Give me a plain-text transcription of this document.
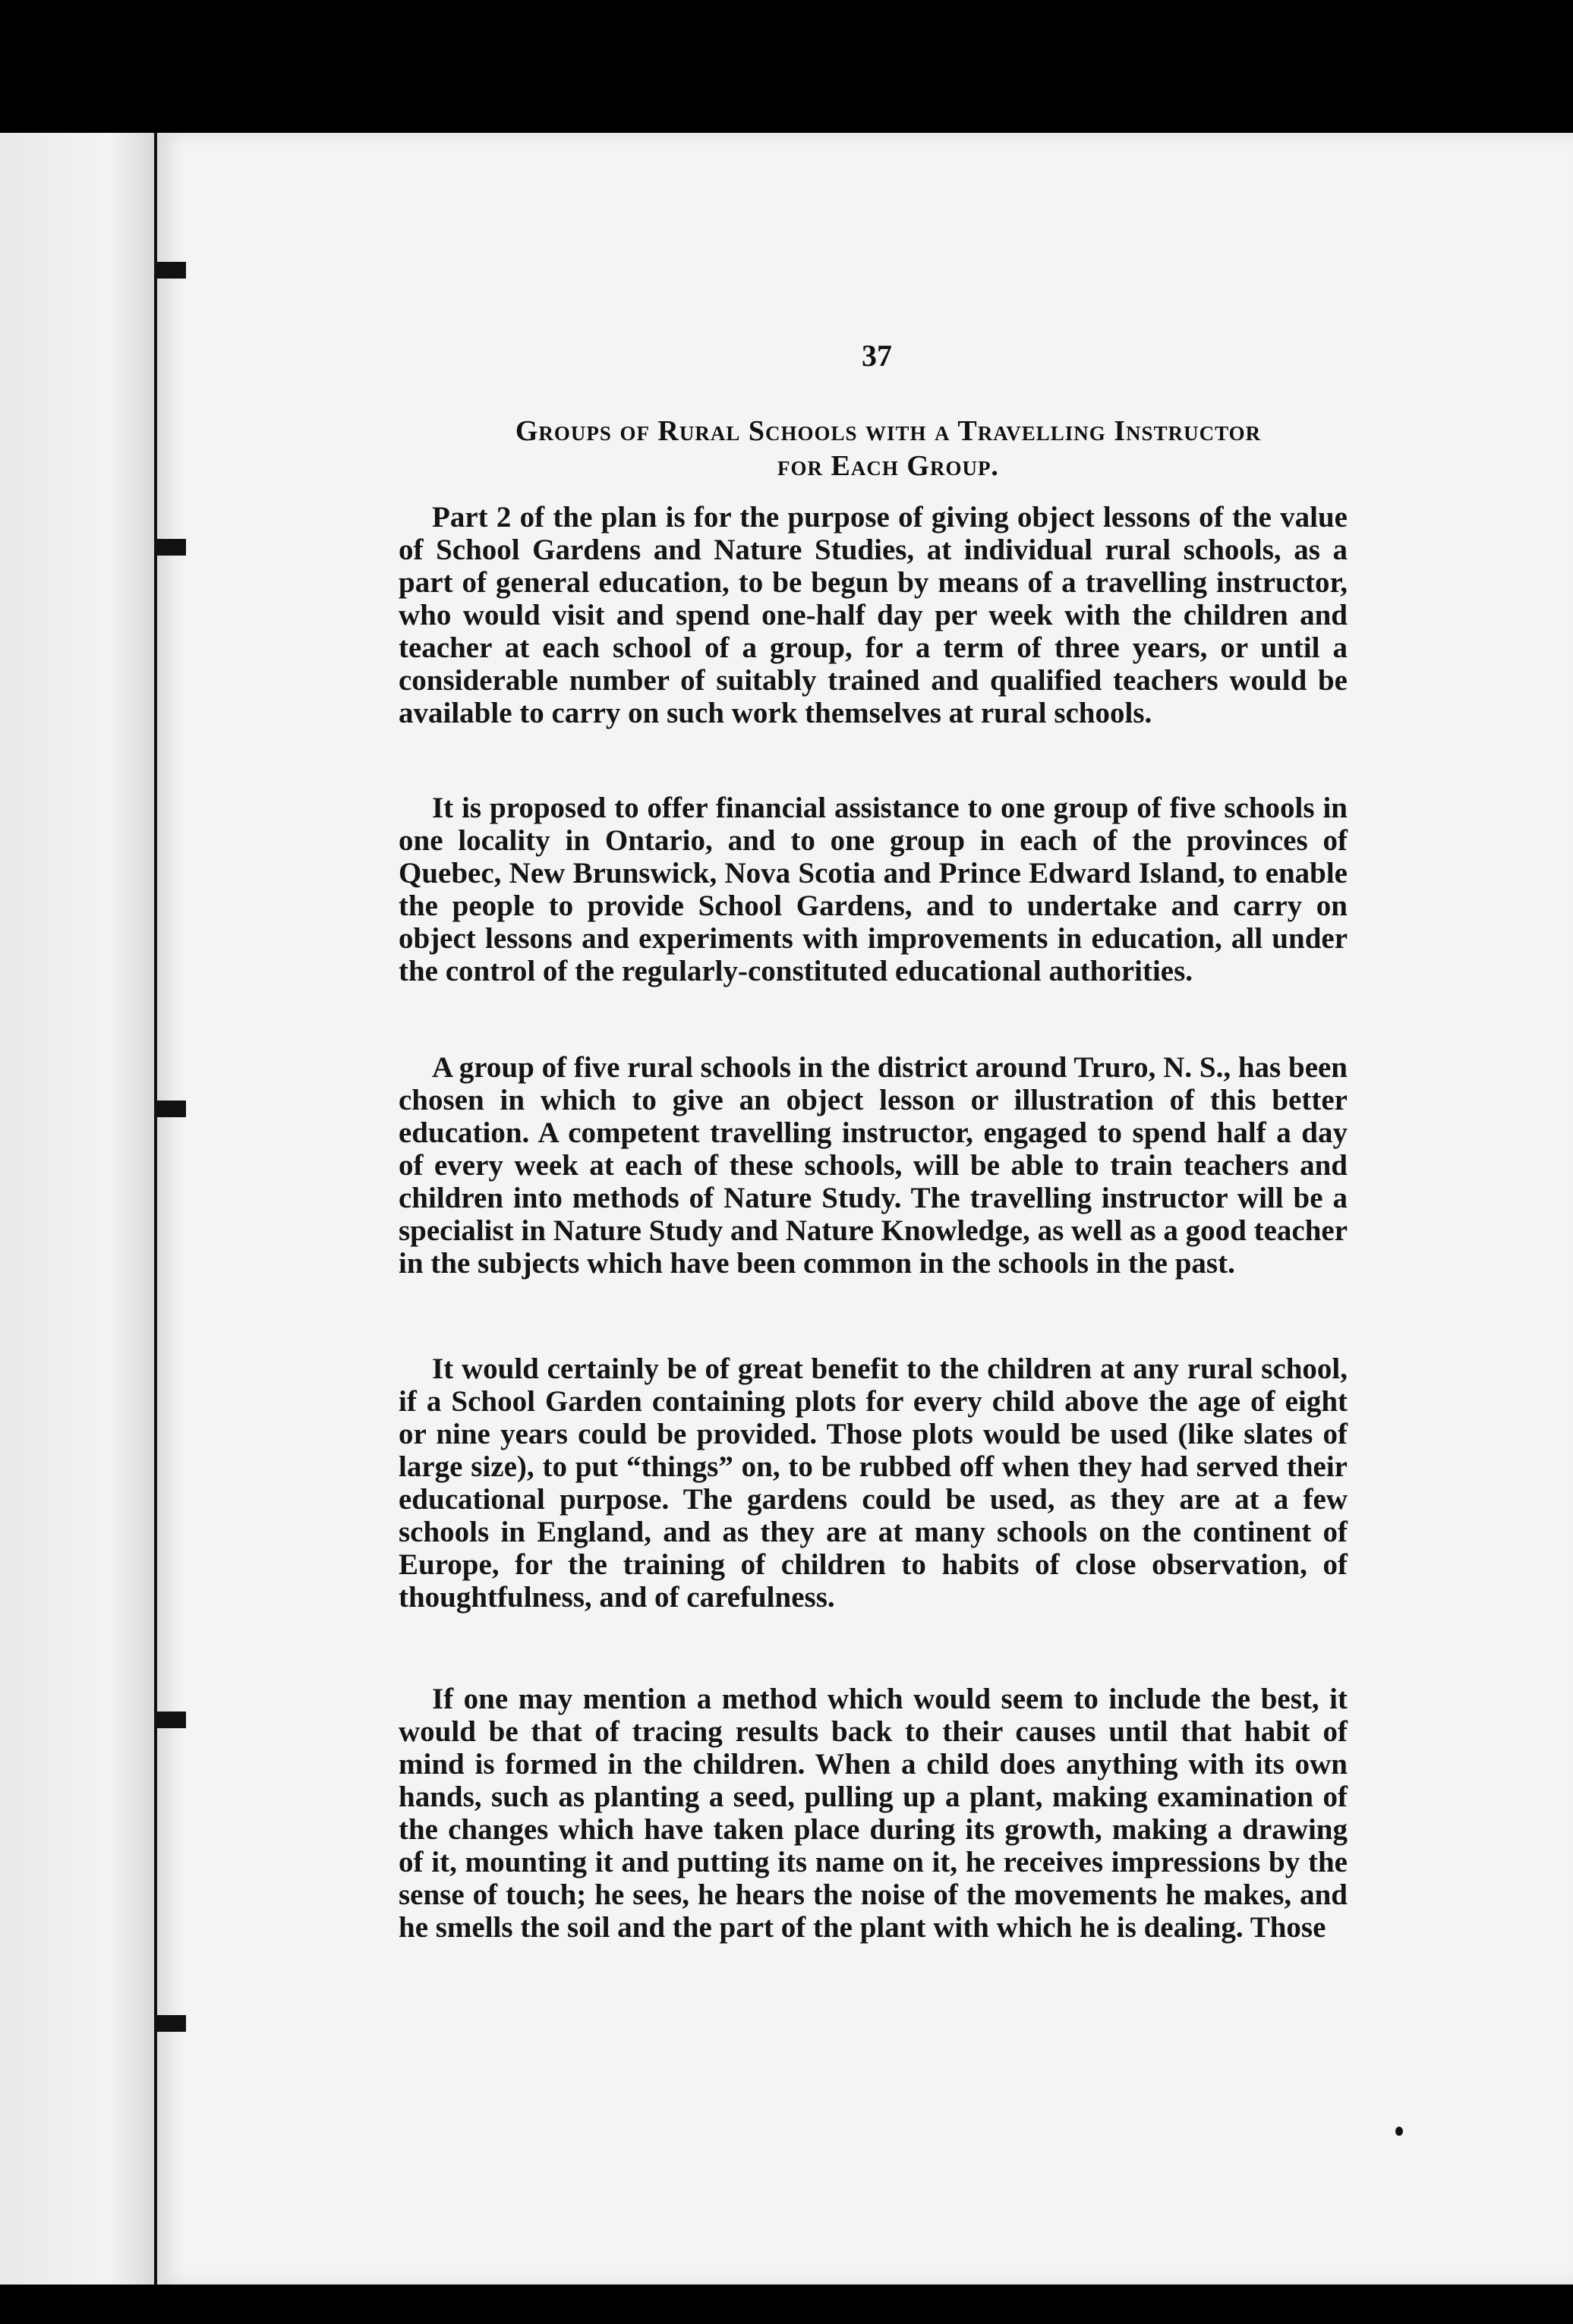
37
Groups of Rural Schools with a Travelling Instructor
for Each Group.

Part 2 of the plan is for the purpose of giving object lessons of the value of School Gardens and Nature Studies, at individual rural schools, as a part of general education, to be begun by means of a travelling instructor, who would visit and spend one-half day per week with the children and teacher at each school of a group, for a term of three years, or until a considerable number of suitably trained and qualified teachers would be available to carry on such work themselves at rural schools.

It is proposed to offer financial assistance to one group of five schools in one locality in Ontario, and to one group in each of the provinces of Quebec, New Brunswick, Nova Scotia and Prince Edward Island, to enable the people to provide School Gardens, and to undertake and carry on object lessons and experiments with improvements in education, all under the control of the regularly-constituted educational authorities.

A group of five rural schools in the district around Truro, N. S., has been chosen in which to give an object lesson or illustration of this better education. A competent travelling instructor, engaged to spend half a day of every week at each of these schools, will be able to train teachers and children into methods of Nature Study. The travelling instructor will be a specialist in Nature Study and Nature Knowledge, as well as a good teacher in the subjects which have been common in the schools in the past.

It would certainly be of great benefit to the children at any rural school, if a School Garden containing plots for every child above the age of eight or nine years could be provided. Those plots would be used (like slates of large size), to put “things” on, to be rubbed off when they had served their educational purpose. The gardens could be used, as they are at a few schools in England, and as they are at many schools on the continent of Europe, for the training of children to habits of close observation, of thoughtfulness, and of carefulness.

If one may mention a method which would seem to include the best, it would be that of tracing results back to their causes until that habit of mind is formed in the children. When a child does anything with its own hands, such as planting a seed, pulling up a plant, making examination of the changes which have taken place during its growth, making a drawing of it, mounting it and putting its name on it, he receives impressions by the sense of touch; he sees, he hears the noise of the movements he makes, and he smells the soil and the part of the plant with which he is dealing. Those
